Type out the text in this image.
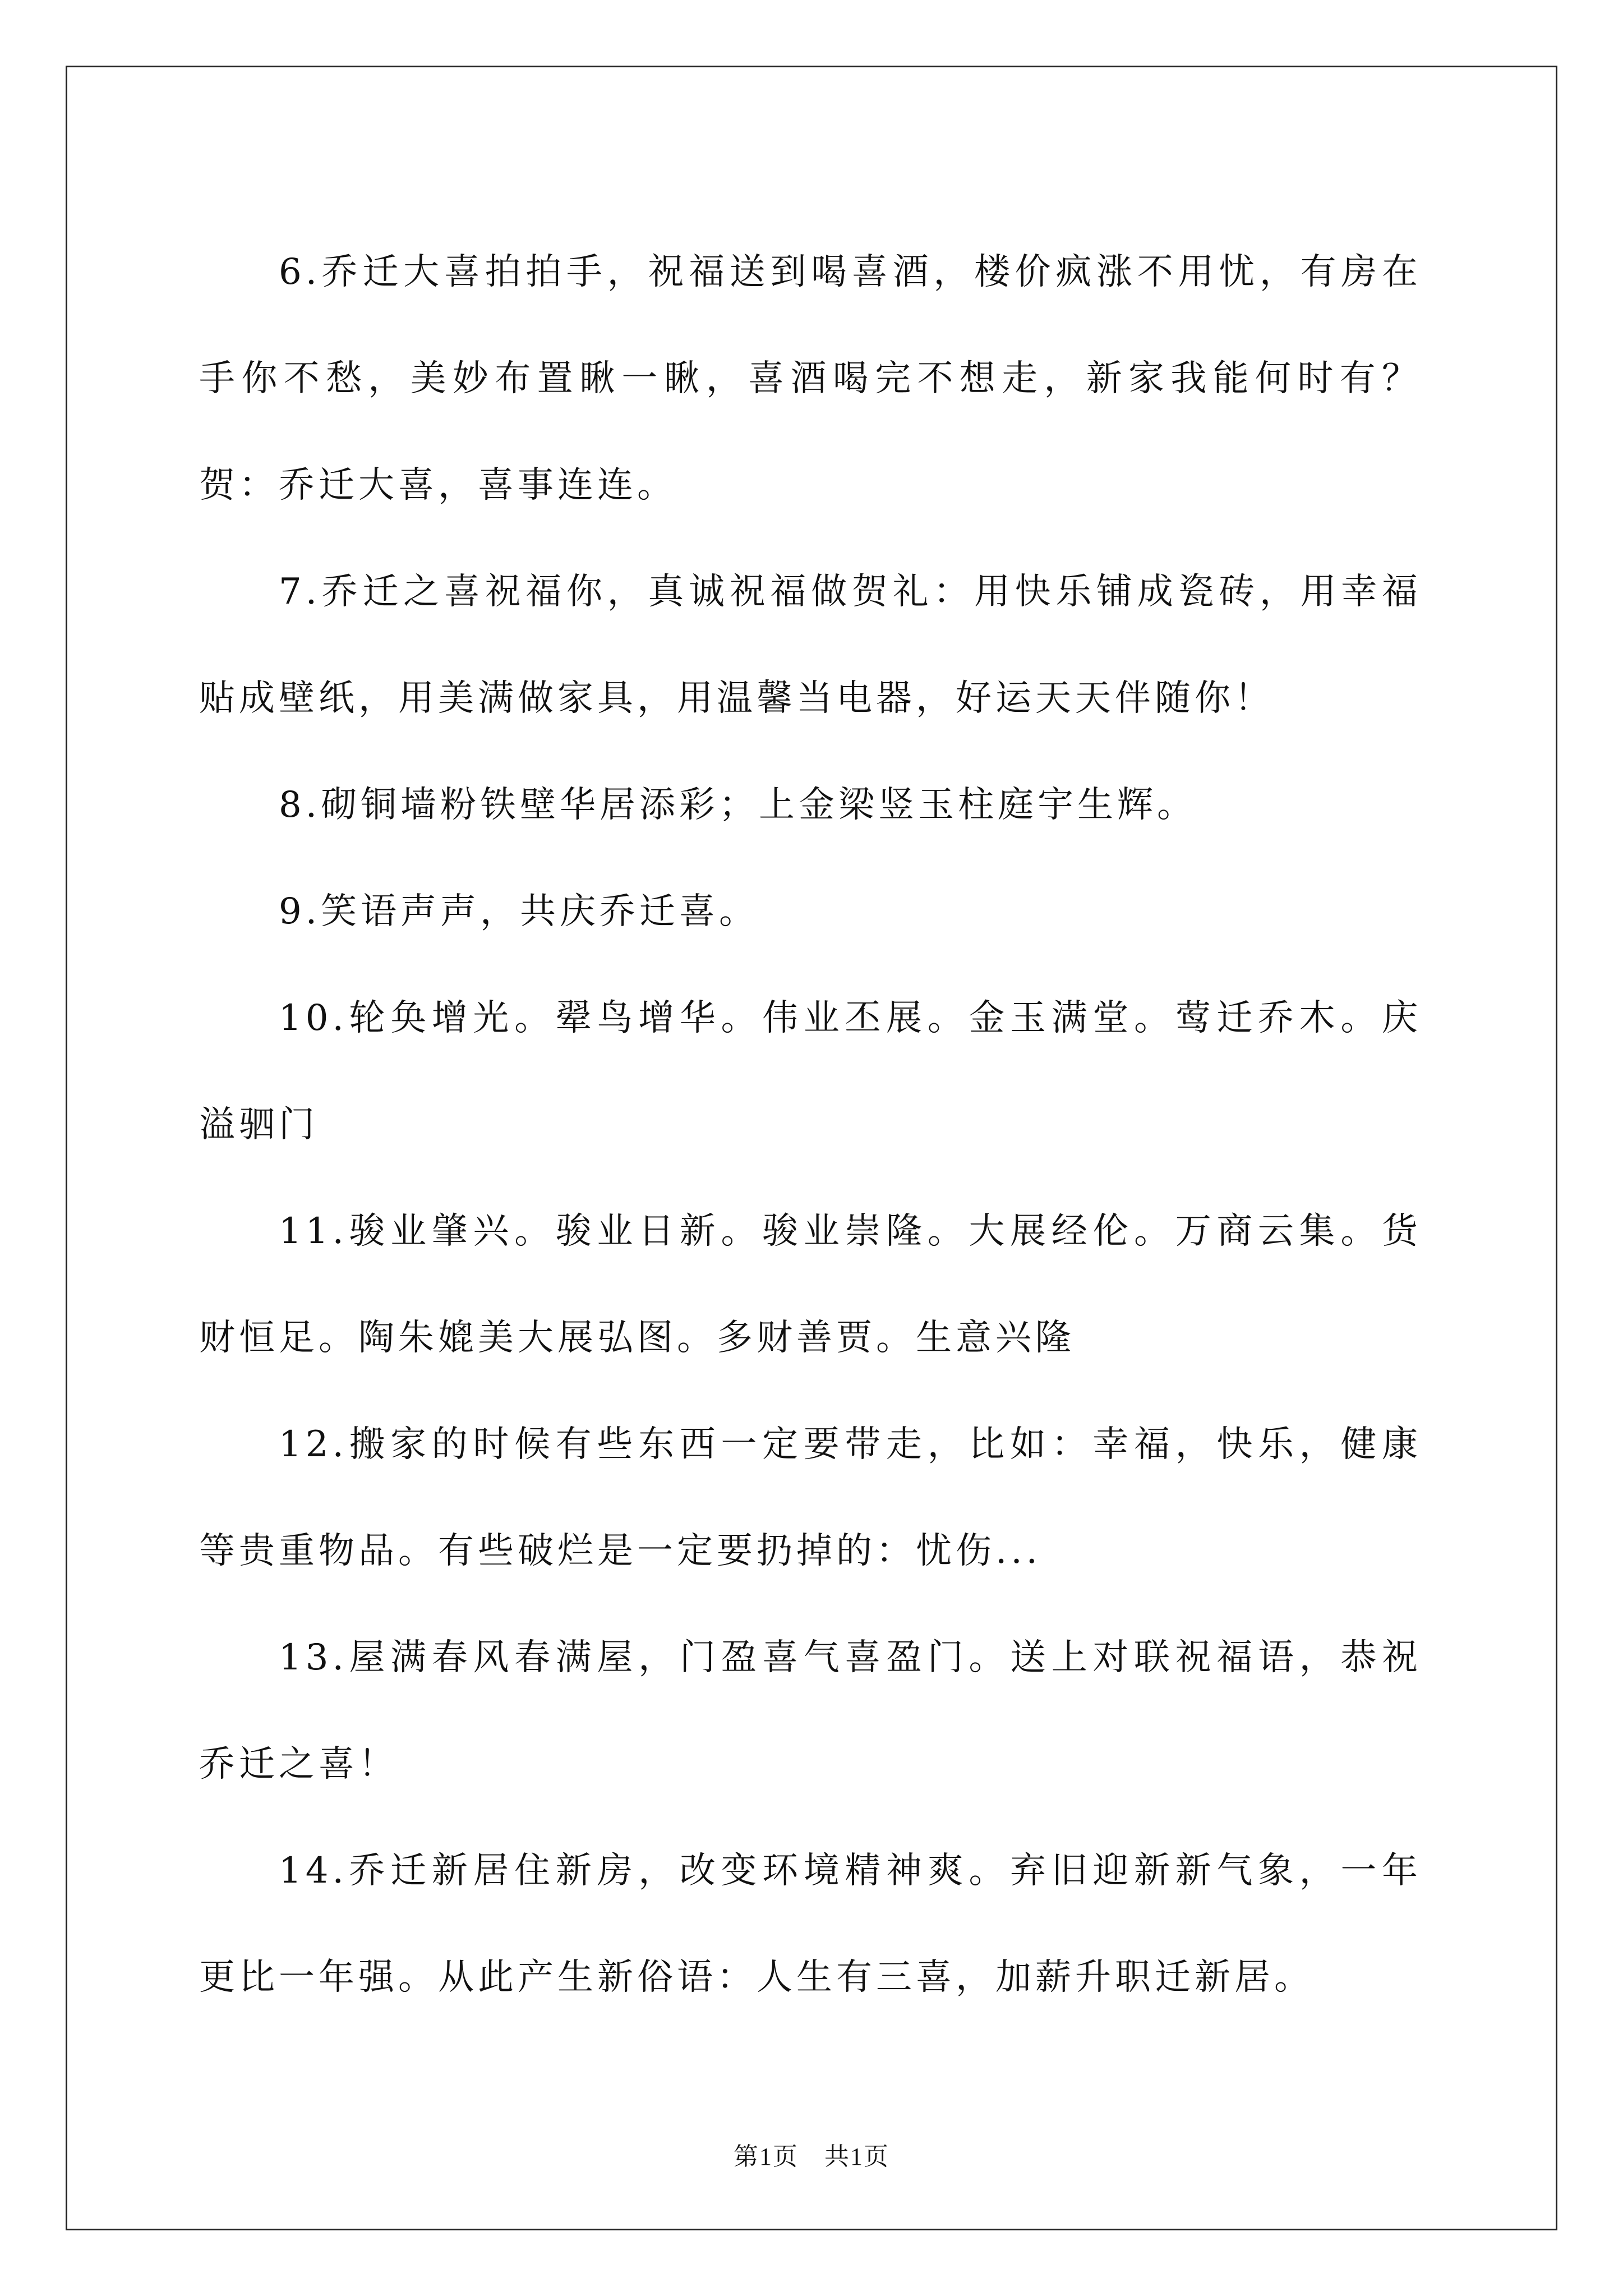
6.乔迁大喜拍拍手，祝福送到喝喜酒，楼价疯涨不用忧，有房在手你不愁，美妙布置瞅一瞅，喜酒喝完不想走，新家我能何时有？贺：乔迁大喜，喜事连连。

7.乔迁之喜祝福你，真诚祝福做贺礼：用快乐铺成瓷砖，用幸福贴成壁纸，用美满做家具，用温馨当电器，好运天天伴随你！

8.砌铜墙粉铁壁华居添彩；上金梁竖玉柱庭宇生辉。

9.笑语声声，共庆乔迁喜。

10.轮奂增光。翚鸟增华。伟业丕展。金玉满堂。莺迁乔木。庆溢驷门

11.骏业肇兴。骏业日新。骏业崇隆。大展经伦。万商云集。货财恒足。陶朱媲美大展弘图。多财善贾。生意兴隆

12.搬家的时候有些东西一定要带走，比如：幸福，快乐，健康等贵重物品。有些破烂是一定要扔掉的：忧伤...

13.屋满春风春满屋，门盈喜气喜盈门。送上对联祝福语，恭祝乔迁之喜！

14.乔迁新居住新房，改变环境精神爽。弃旧迎新新气象，一年更比一年强。从此产生新俗语：人生有三喜，加薪升职迁新居。

第1页　共1页
